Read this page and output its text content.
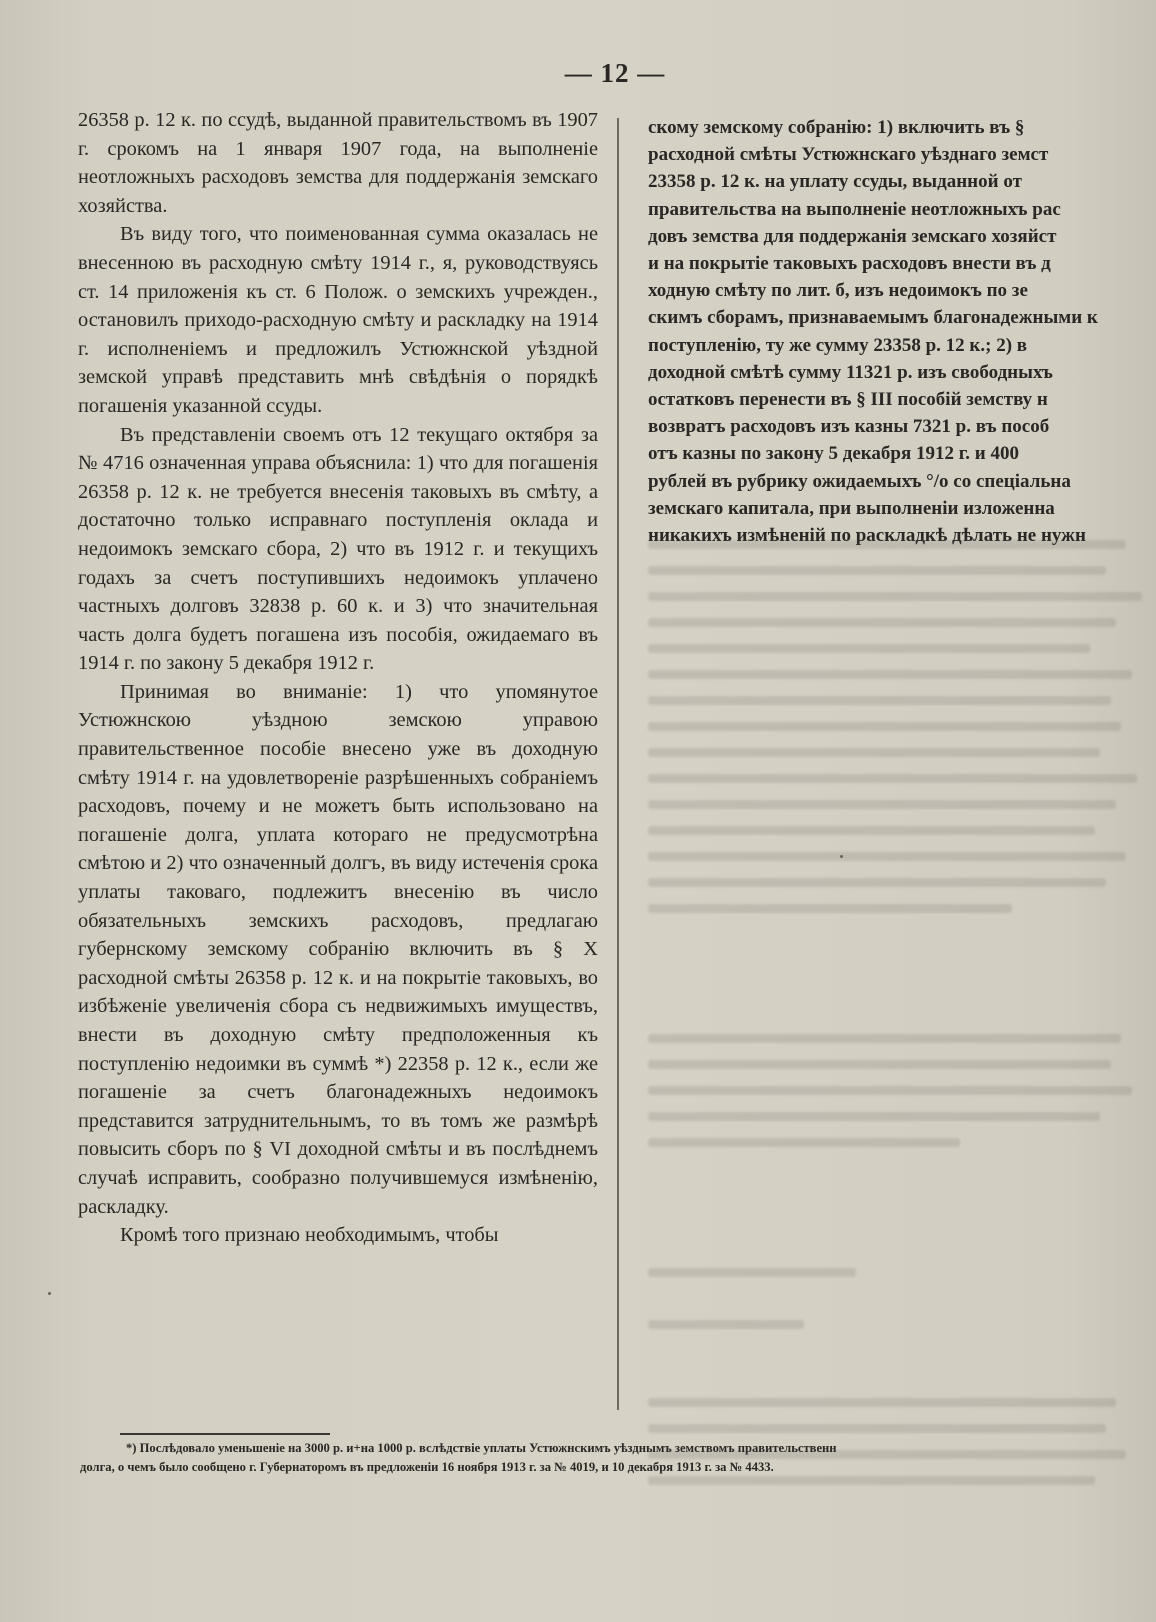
— 12 —

26358 р. 12 к. по ссудѣ, выданной правительствомъ въ 1907 г. срокомъ на 1 января 1907 года, на выполненіе неотложныхъ расходовъ земства для поддержанія земскаго хозяйства.

Въ виду того, что поименованная сумма оказалась не внесенною въ расходную смѣту 1914 г., я, руководствуясь ст. 14 приложенія къ ст. 6 Полож. о земскихъ учрежден., остановилъ приходо-расходную смѣту и раскладку на 1914 г. исполненіемъ и предложилъ Устюжнской уѣздной земской управѣ представить мнѣ свѣдѣнія о порядкѣ погашенія указанной ссуды.

Въ представленіи своемъ отъ 12 текущаго октября за № 4716 означенная управа объяснила: 1) что для погашенія 26358 р. 12 к. не требуется внесенія таковыхъ въ смѣту, а достаточно только исправнаго поступленія оклада и недоимокъ земскаго сбора, 2) что въ 1912 г. и текущихъ годахъ за счетъ поступившихъ недоимокъ уплачено частныхъ долговъ 32838 р. 60 к. и 3) что значительная часть долга будетъ погашена изъ пособія, ожидаемаго въ 1914 г. по закону 5 декабря 1912 г.

Принимая во вниманіе: 1) что упомянутое Устюжнскою уѣздною земскою управою правительственное пособіе внесено уже въ доходную смѣту 1914 г. на удовлетвореніе разрѣшенныхъ собраніемъ расходовъ, почему и не можетъ быть использовано на погашеніе долга, уплата котораго не предусмотрѣна смѣтою и 2) что означенный долгъ, въ виду истеченія срока уплаты таковаго, подлежитъ внесенію въ число обязательныхъ земскихъ расходовъ, предлагаю губернскому земскому собранію включить въ § X расходной смѣты 26358 р. 12 к. и на покрытіе таковыхъ, во избѣженіе увеличенія сбора съ недвижимыхъ имуществъ, внести въ доходную смѣту предположенныя къ поступленію недоимки въ суммѣ *) 22358 р. 12 к., если же погашеніе за счетъ благонадежныхъ недоимокъ представится затруднительнымъ, то въ томъ же размѣрѣ повысить сборъ по § VI доходной смѣты и въ послѣднемъ случаѣ исправить, сообразно получившемуся измѣненію, раскладку.

Кромѣ того признаю необходимымъ, чтобы

скому земскому собранію: 1) включить въ §
расходной смѣты Устюжнскаго уѣзднаго земст
23358 р. 12 к. на уплату ссуды, выданной от
правительства на выполненіе неотложныхъ рас
довъ земства для поддержанія земскаго хозяйст
и на покрытіе таковыхъ расходовъ внести въ д
ходную смѣту по лит. б, изъ недоимокъ по зе
скимъ сборамъ, признаваемымъ благонадежными к
поступленію, ту же сумму 23358 р. 12 к.; 2) в
доходной смѣтѣ сумму 11321 р. изъ свободныхъ
остатковъ перенести въ § III пособій земству н
возвратъ расходовъ изъ казны 7321 р. въ пособ
отъ казны по закону 5 декабря 1912 г. и 400
рублей въ рубрику ожидаемыхъ °/o со спеціальна
земскаго капитала, при выполненіи изложенна
никакихъ измѣненій по раскладкѣ дѣлать не нужн
*) Послѣдовало уменьшеніе на 3000 р. и+на 1000 р. вслѣдствіе уплаты Устюжнскимъ уѣзднымъ земствомъ правительственн
долга, о чемъ было сообщено г. Губернаторомъ въ предложеніи 16 ноября 1913 г. за № 4019, и 10 декабря 1913 г. за № 4433.
